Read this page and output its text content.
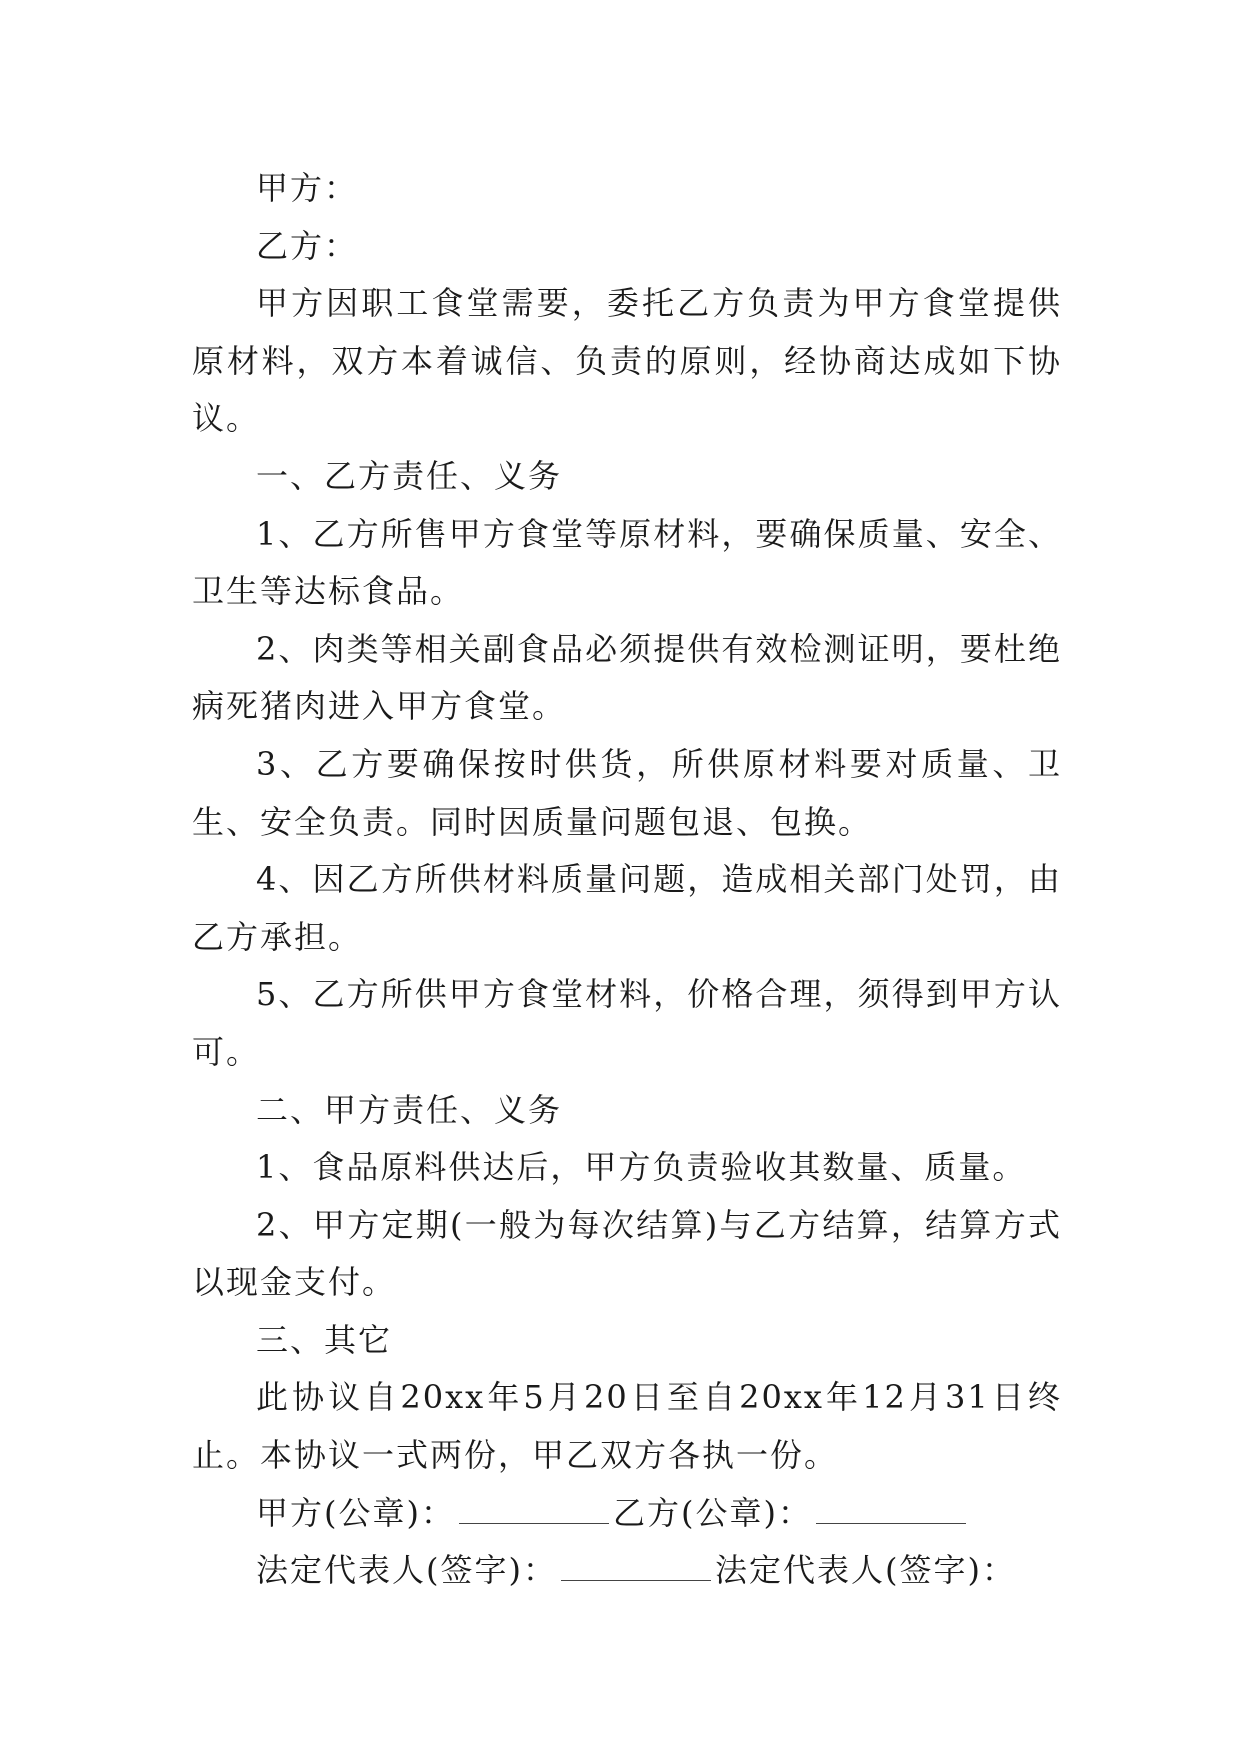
甲方：

乙方：

甲方因职工食堂需要，委托乙方负责为甲方食堂提供原材料，双方本着诚信、负责的原则，经协商达成如下协议。

一、乙方责任、义务

1、乙方所售甲方食堂等原材料，要确保质量、安全、卫生等达标食品。

2、肉类等相关副食品必须提供有效检测证明，要杜绝病死猪肉进入甲方食堂。

3、乙方要确保按时供货，所供原材料要对质量、卫生、安全负责。同时因质量问题包退、包换。

4、因乙方所供材料质量问题，造成相关部门处罚，由乙方承担。

5、乙方所供甲方食堂材料，价格合理，须得到甲方认可。

二、甲方责任、义务

1、食品原料供达后，甲方负责验收其数量、质量。

2、甲方定期(一般为每次结算)与乙方结算，结算方式以现金支付。

三、其它

此协议自20xx年5月20日至自20xx年12月31日终止。本协议一式两份，甲乙双方各执一份。

甲方(公章)：	乙方(公章)：

法定代表人(签字)：	法定代表人(签字)：
